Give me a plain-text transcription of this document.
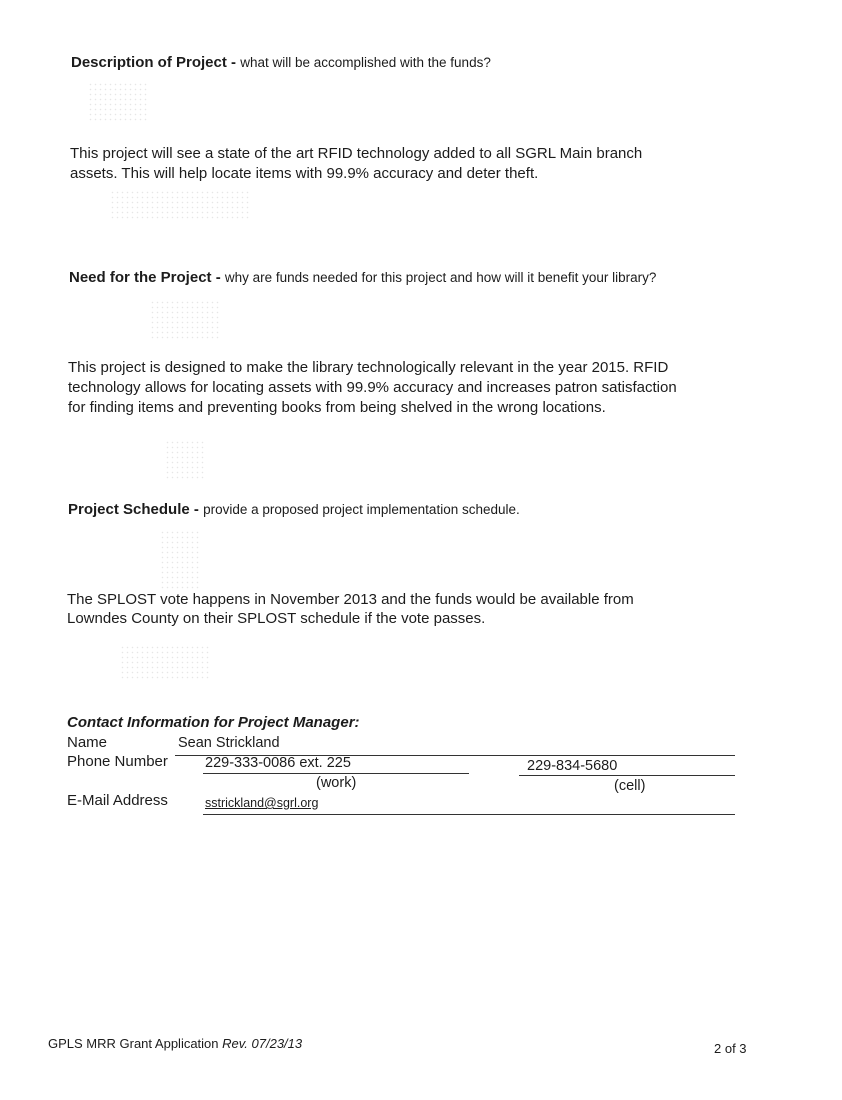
Description of Project - what will be accomplished with the funds?
This project will see a state of the art RFID technology added to all SGRL Main branch
assets. This will help locate items with 99.9% accuracy and deter theft.
Need for the Project - why are funds needed for this project and how will it benefit your library?
This project is designed to make the library technologically relevant in the year 2015. RFID
technology allows for locating assets with 99.9% accuracy and increases patron satisfaction
for finding items and preventing books from being shelved in the wrong locations.
Project Schedule - provide a proposed project implementation schedule.
The SPLOST vote happens in November 2013 and the funds would be available from
Lowndes County on their SPLOST schedule if the vote passes.
Contact Information for Project Manager:
Name	Sean Strickland
Phone Number	229-333-0086 ext. 225	229-834-5680
(work)	(cell)
E-Mail Address	sstrickland@sgrl.org
GPLS MRR Grant Application Rev. 07/23/13	2 of 3
